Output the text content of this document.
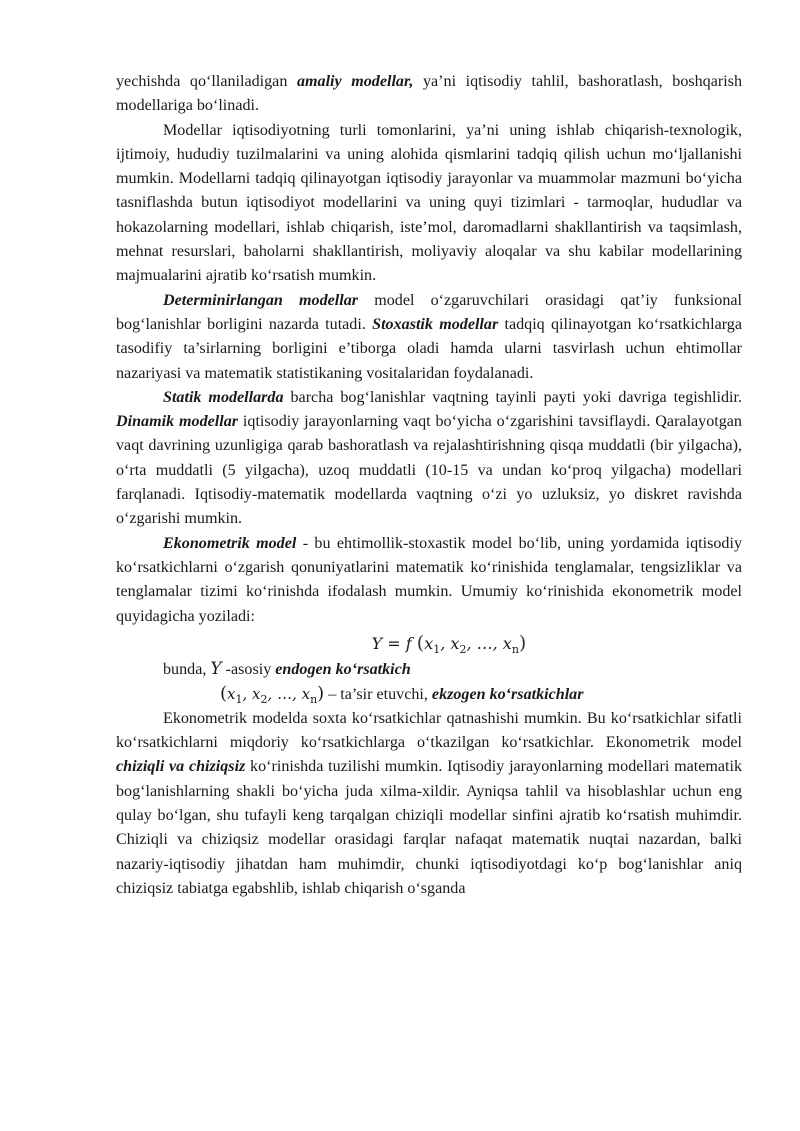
yechishda qo‘llaniladigan amaliy modellar, ya’ni iqtisodiy tahlil, bashoratlash, boshqarish modellariga bo‘linadi.

Modellar iqtisodiyotning turli tomonlarini, ya’ni uning ishlab chiqarish-texnologik, ijtimoiy, hududiy tuzilmalarini va uning alohida qismlarini tadqiq qilish uchun mo‘ljallanishi mumkin. Modellarni tadqiq qilinayotgan iqtisodiy jarayonlar va muammolar mazmuni bo‘yicha tasniflashda butun iqtisodiyot modellarini va uning quyi tizimlari - tarmoqlar, hududlar va hokazolarning modellari, ishlab chiqarish, iste’mol, daromadlarni shakllantirish va taqsimlash, mehnat resurslari, baholarni shakllantirish, moliyaviy aloqalar va shu kabilar modellarining majmualarini ajratib ko‘rsatish mumkin.

Determinirlangan modellar model o‘zgaruvchilari orasidagi qat’iy funksional bog‘lanishlar borligini nazarda tutadi. Stoxastik modellar tadqiq qilinayotgan ko‘rsatkichlarga tasodifiy ta’sirlarning borligini e’tiborga oladi hamda ularni tasvirlash uchun ehtimollar nazariyasi va matematik statistikaning vositalaridan foydalanadi.

Statik modellarda barcha bog‘lanishlar vaqtning tayinli payti yoki davriga tegishlidir. Dinamik modellar iqtisodiy jarayonlarning vaqt bo‘yicha o‘zgarishini tavsiflaydi. Qaralayotgan vaqt davrining uzunligiga qarab bashoratlash va rejalashtirishning qisqa muddatli (bir yilgacha), o‘rta muddatli (5 yilgacha), uzoq muddatli (10-15 va undan ko‘proq yilgacha) modellari farqlanadi. Iqtisodiy-matematik modellarda vaqtning o‘zi yo uzluksiz, yo diskret ravishda o‘zgarishi mumkin.

Ekonometrik model - bu ehtimollik-stoxastik model bo‘lib, uning yordamida iqtisodiy ko‘rsatkichlarni o‘zgarish qonuniyatlarini matematik ko‘rinishida tenglamalar, tengsizliklar va tenglamalar tizimi ko‘rinishda ifodalash mumkin. Umumiy ko‘rinishida ekonometrik model quyidagicha yoziladi:

Y = f ($x_1$, $x_2$, …, $x_n$)

bunda, Y -asosiy endogen ko‘rsatkich

($x_1$, $x_2$, …, $x_n$) – ta’sir etuvchi, ekzogen ko‘rsatkichlar

Ekonometrik modelda soxta ko‘rsatkichlar qatnashishi mumkin. Bu ko‘rsatkichlar sifatli ko‘rsatkichlarni miqdoriy ko‘rsatkichlarga o‘tkazilgan ko‘rsatkichlar. Ekonometrik model chiziqli va chiziqsiz ko‘rinishda tuzilishi mumkin. Iqtisodiy jarayonlarning modellari matematik bog‘lanishlarning shakli bo‘yicha juda xilma-xildir. Ayniqsa tahlil va hisoblashlar uchun eng qulay bo‘lgan, shu tufayli keng tarqalgan chiziqli modellar sinfini ajratib ko‘rsatish muhimdir. Chiziqli va chiziqsiz modellar orasidagi farqlar nafaqat matematik nuqtai nazardan, balki nazariy-iqtisodiy jihatdan ham muhimdir, chunki iqtisodiyotdagi ko‘p bog‘lanishlar aniq chiziqsiz tabiatga egabshlib, ishlab chiqarish o‘sganda
